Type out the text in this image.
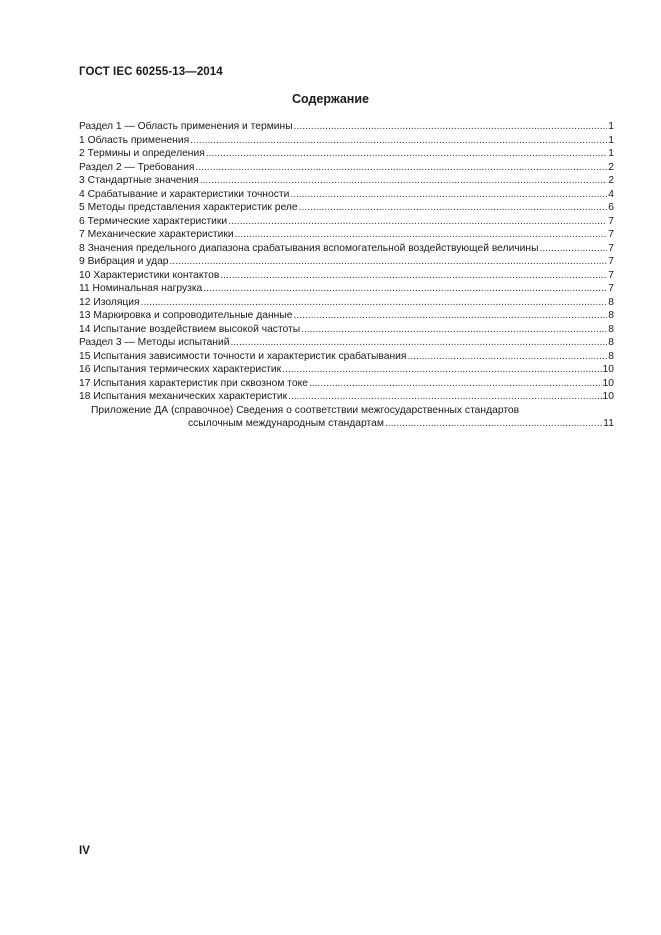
ГОСТ IEC 60255-13—2014
Содержание
Раздел 1 — Область применения и термины .....	1
1 Область применения .....	1
2 Термины и определения .....	1
Раздел 2 — Требования .....	2
3 Стандартные значения .....	2
4 Срабатывание и характеристики точности .....	4
5 Методы представления характеристик реле .....	6
6 Термические характеристики .....	7
7 Механические характеристики .....	7
8 Значения предельного диапазона срабатывания вспомогательной воздействующей величины .....	7
9 Вибрация и удар .....	7
10 Характеристики контактов .....	7
11 Номинальная нагрузка .....	7
12 Изоляция .....	8
13 Маркировка и сопроводительные данные .....	8
14 Испытание воздействием высокой частоты .....	8
Раздел 3 — Методы испытаний .....	8
15 Испытания зависимости точности и характеристик срабатывания .....	8
16 Испытания термических характеристик .....	10
17 Испытания характеристик при сквозном токе .....	10
18 Испытания механических характеристик .....	10
Приложение ДА (справочное) Сведения о соответствии межгосударственных стандартов
ссылочным международным стандартам .....	11
IV
